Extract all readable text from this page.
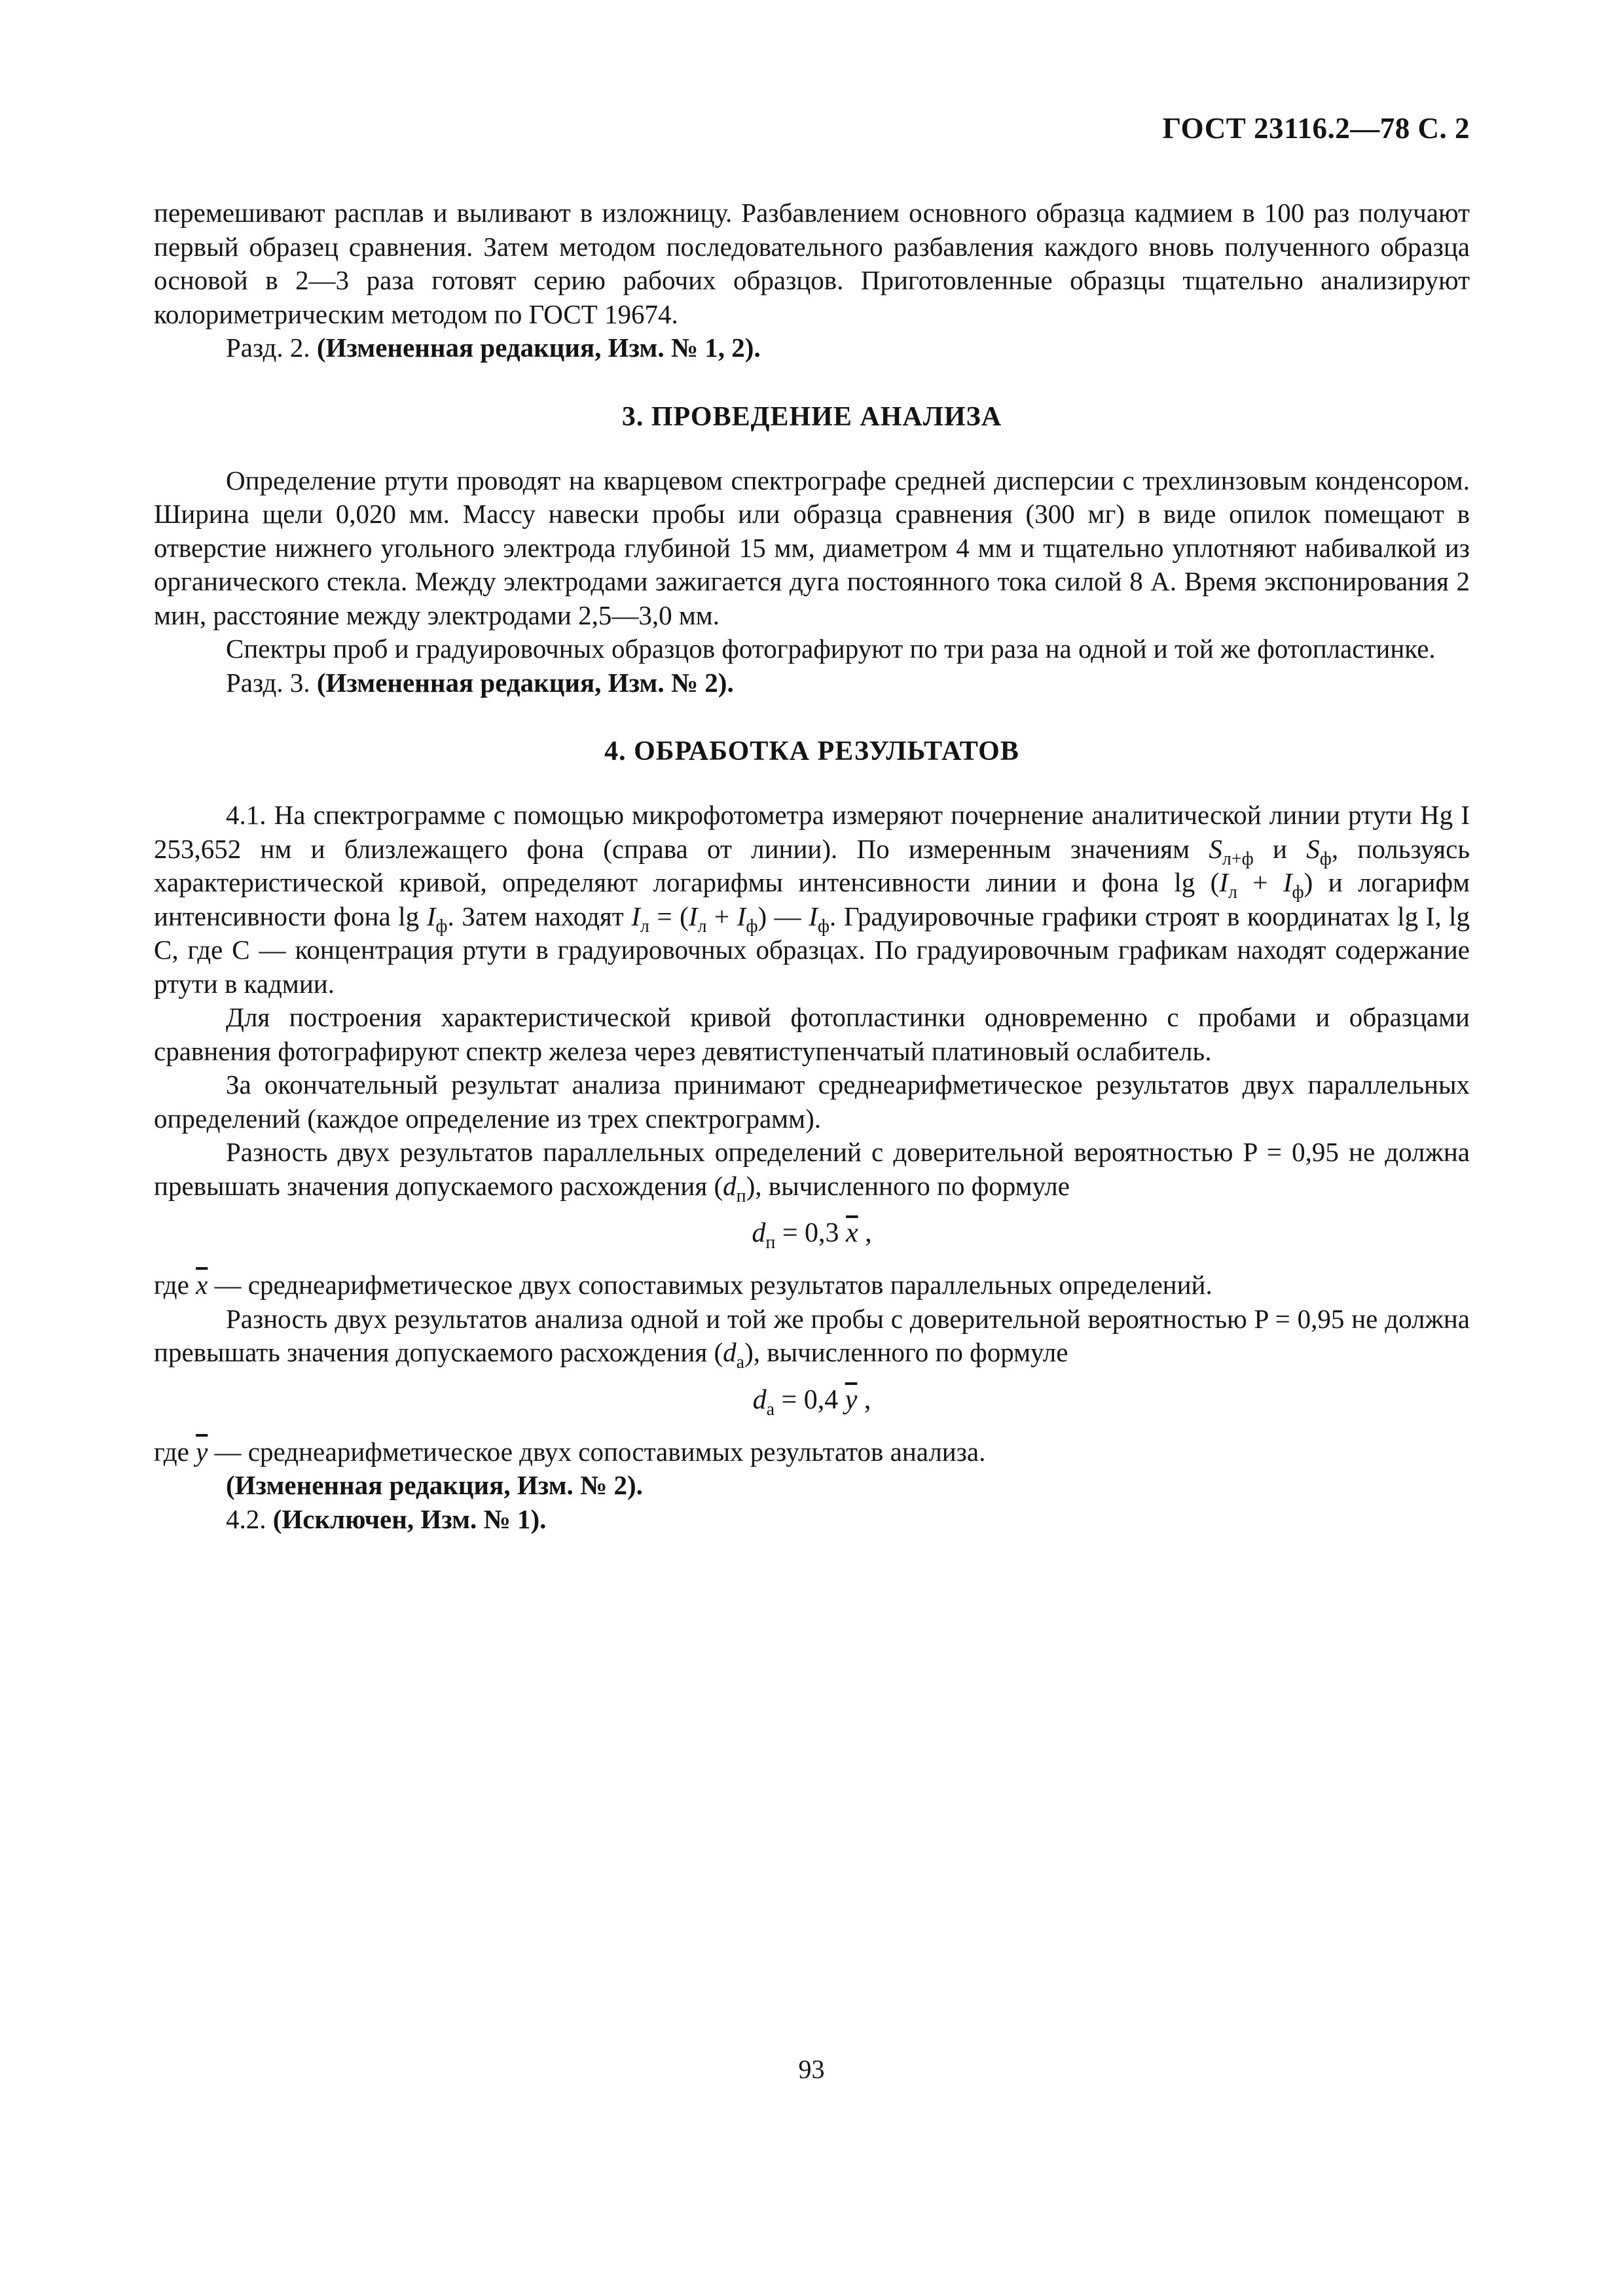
ГОСТ 23116.2—78 С. 2

перемешивают расплав и выливают в изложницу. Разбавлением основного образца кадмием в 100 раз получают первый образец сравнения. Затем методом последовательного разбавления каждого вновь полученного образца основой в 2—3 раза готовят серию рабочих образцов. Приготовленные образцы тщательно анализируют колориметрическим методом по ГОСТ 19674.

Разд. 2. (Измененная редакция, Изм. № 1, 2).

3. ПРОВЕДЕНИЕ АНАЛИЗА

Определение ртути проводят на кварцевом спектрографе средней дисперсии с трехлинзовым конденсором. Ширина щели 0,020 мм. Массу навески пробы или образца сравнения (300 мг) в виде опилок помещают в отверстие нижнего угольного электрода глубиной 15 мм, диаметром 4 мм и тщательно уплотняют набивалкой из органического стекла. Между электродами зажигается дуга постоянного тока силой 8 А. Время экспонирования 2 мин, расстояние между электродами 2,5—3,0 мм.

Спектры проб и градуировочных образцов фотографируют по три раза на одной и той же фотопластинке.

Разд. 3. (Измененная редакция, Изм. № 2).

4. ОБРАБОТКА РЕЗУЛЬТАТОВ

4.1. На спектрограмме с помощью микрофотометра измеряют почернение аналитической линии ртути Hg I 253,652 нм и близлежащего фона (справа от линии). По измеренным значениям $S_{л+ф}$ и $S_ф$, пользуясь характеристической кривой, определяют логарифмы интенсивности линии и фона $\lg (I_л + I_ф)$ и логарифм интенсивности фона $\lg I_ф$. Затем находят $I_л = (I_л + I_ф)$ — $I_ф$. Градуировочные графики строят в координатах lg I, lg C, где C — концентрация ртути в градуировочных образцах. По градуировочным графикам находят содержание ртути в кадмии.

Для построения характеристической кривой фотопластинки одновременно с пробами и образцами сравнения фотографируют спектр железа через девятиступенчатый платиновый ослабитель.

За окончательный результат анализа принимают среднеарифметическое результатов двух параллельных определений (каждое определение из трех спектрограмм).

Разность двух результатов параллельных определений с доверительной вероятностью P = 0,95 не должна превышать значения допускаемого расхождения $(d_п)$, вычисленного по формуле

$d_п = 0,3$ $\overline{x}$ ,

где $\overline{x}$ — среднеарифметическое двух сопоставимых результатов параллельных определений.

Разность двух результатов анализа одной и той же пробы с доверительной вероятностью P = 0,95 не должна превышать значения допускаемого расхождения $(d_а)$, вычисленного по формуле

$d_а = 0,4$ $\overline{y}$ ,

где $\overline{y}$ — среднеарифметическое двух сопоставимых результатов анализа.

(Измененная редакция, Изм. № 2).

4.2. (Исключен, Изм. № 1).

93
